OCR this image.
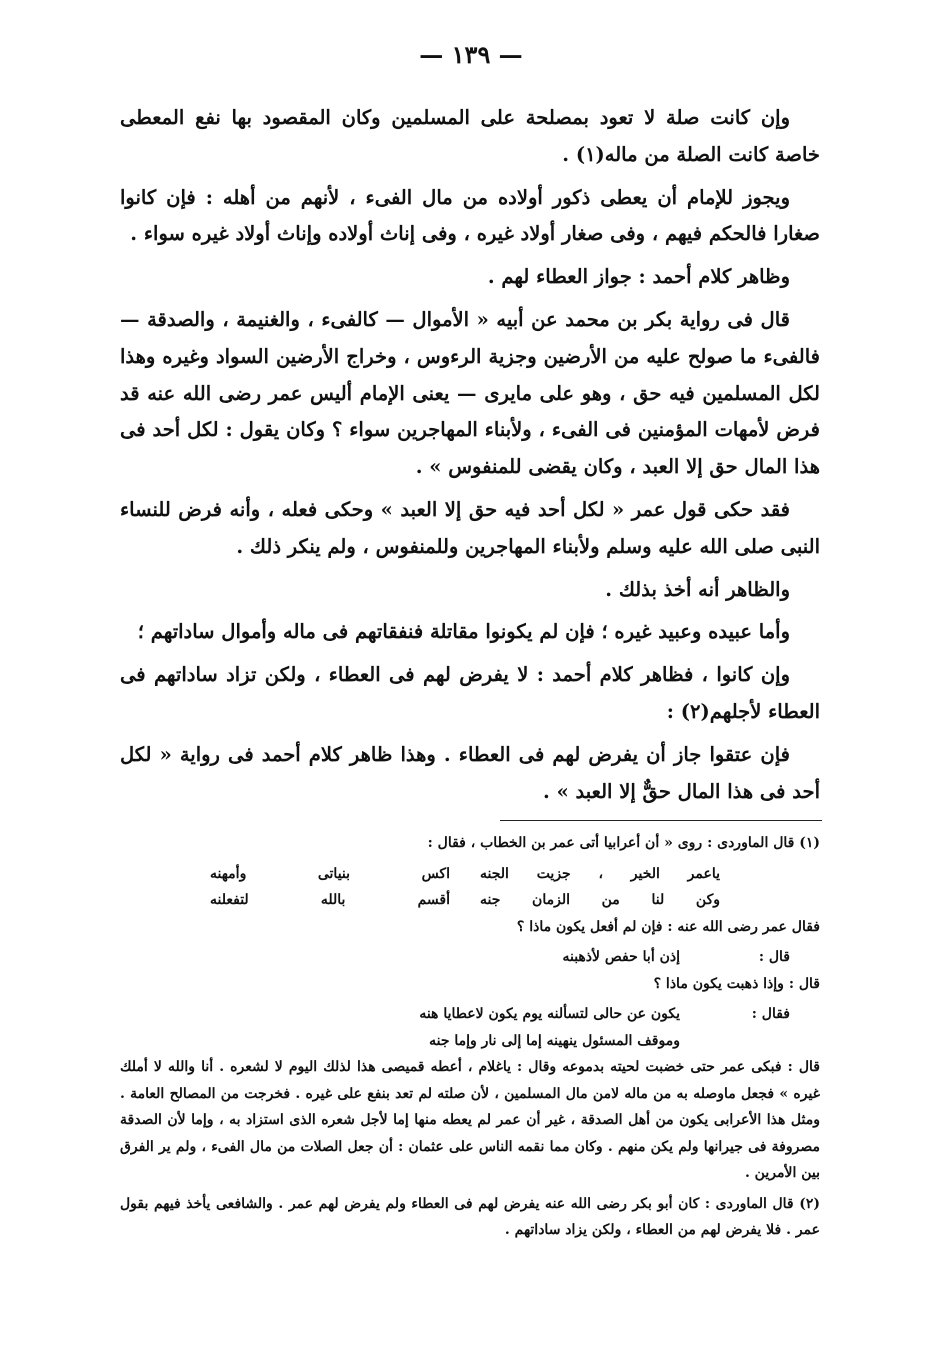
— ١٣٩ —

وإن كانت صلة لا تعود بمصلحة على المسلمين وكان المقصود بها نفع المعطى خاصة كانت الصلة من ماله(١) .

ويجوز للإمام أن يعطى ذكور أولاده من مال الفىء ، لأنهم من أهله : فإن كانوا صغارا فالحكم فيهم ، وفى صغار أولاد غيره ، وفى إناث أولاده وإناث أولاد غيره سواء .

وظاهر كلام أحمد : جواز العطاء لهم .

قال فى رواية بكر بن محمد عن أبيه « الأموال — كالفىء ، والغنيمة ، والصدقة — فالفىء ما صولح عليه من الأرضين وجزية الرءوس ، وخراج الأرضين السواد وغيره وهذا لكل المسلمين فيه حق ، وهو على مايرى — يعنى الإمام أليس عمر رضى الله عنه قد فرض لأمهات المؤمنين فى الفىء ، ولأبناء المهاجرين سواء ؟ وكان يقول : لكل أحد فى هذا المال حق إلا العبد ، وكان يقضى للمنفوس » .

فقد حكى قول عمر « لكل أحد فيه حق إلا العبد » وحكى فعله ، وأنه فرض للنساء النبى صلى الله عليه وسلم ولأبناء المهاجرين وللمنفوس ، ولم ينكر ذلك .

والظاهر أنه أخذ بذلك .

وأما عبيده وعبيد غيره ؛ فإن لم يكونوا مقاتلة فنفقاتهم فى ماله وأموال ساداتهم ؛

وإن كانوا ، فظاهر كلام أحمد : لا يفرض لهم فى العطاء ، ولكن تزاد ساداتهم فى العطاء لأجلهم(٢) :

فإن عتقوا جاز أن يفرض لهم فى العطاء . وهذا ظاهر كلام أحمد فى رواية « لكل أحد فى هذا المال حقٌّ إلا العبد » .

(١) قال الماوردى : روى « أن أعرابيا أتى عمر بن الخطاب ، فقال :
ياعمر الخير ، جزيت الجنه
اكس بنياتى وأمهنه
وكن لنا من الزمان جنه
أقسم بالله لتفعلنه
فقال عمر رضى الله عنه : فإن لم أفعل يكون ماذا ؟
قال :
إذن أبا حفص لأذهبنه
قال : وإذا ذهبت يكون ماذا ؟
فقال :
يكون عن حالى لتسألنه يوم يكون لاعطايا هنه
وموقف المسئول ينهينه إما إلى نار وإما جنه
قال : فبكى عمر حتى خضبت لحيته بدموعه وقال : ياغلام ، أعطه قميصى هذا لذلك اليوم لا لشعره . أنا والله لا أملك غيره » فجعل ماوصله به من ماله لامن مال المسلمين ، لأن صلته لم تعد بنفع على غيره . فخرجت من المصالح العامة . ومثل هذا الأعرابى يكون من أهل الصدقة ، غير أن عمر لم يعطه منها إما لأجل شعره الذى استزاد به ، وإما لأن الصدقة مصروفة فى جيرانها ولم يكن منهم . وكان مما نقمه الناس على عثمان : أن جعل الصلات من مال الفىء ، ولم ير الفرق بين الأمرين .
(٢) قال الماوردى : كان أبو بكر رضى الله عنه يفرض لهم فى العطاء ولم يفرض لهم عمر . والشافعى يأخذ فيهم بقول عمر . فلا يفرض لهم من العطاء ، ولكن يزاد ساداتهم .
